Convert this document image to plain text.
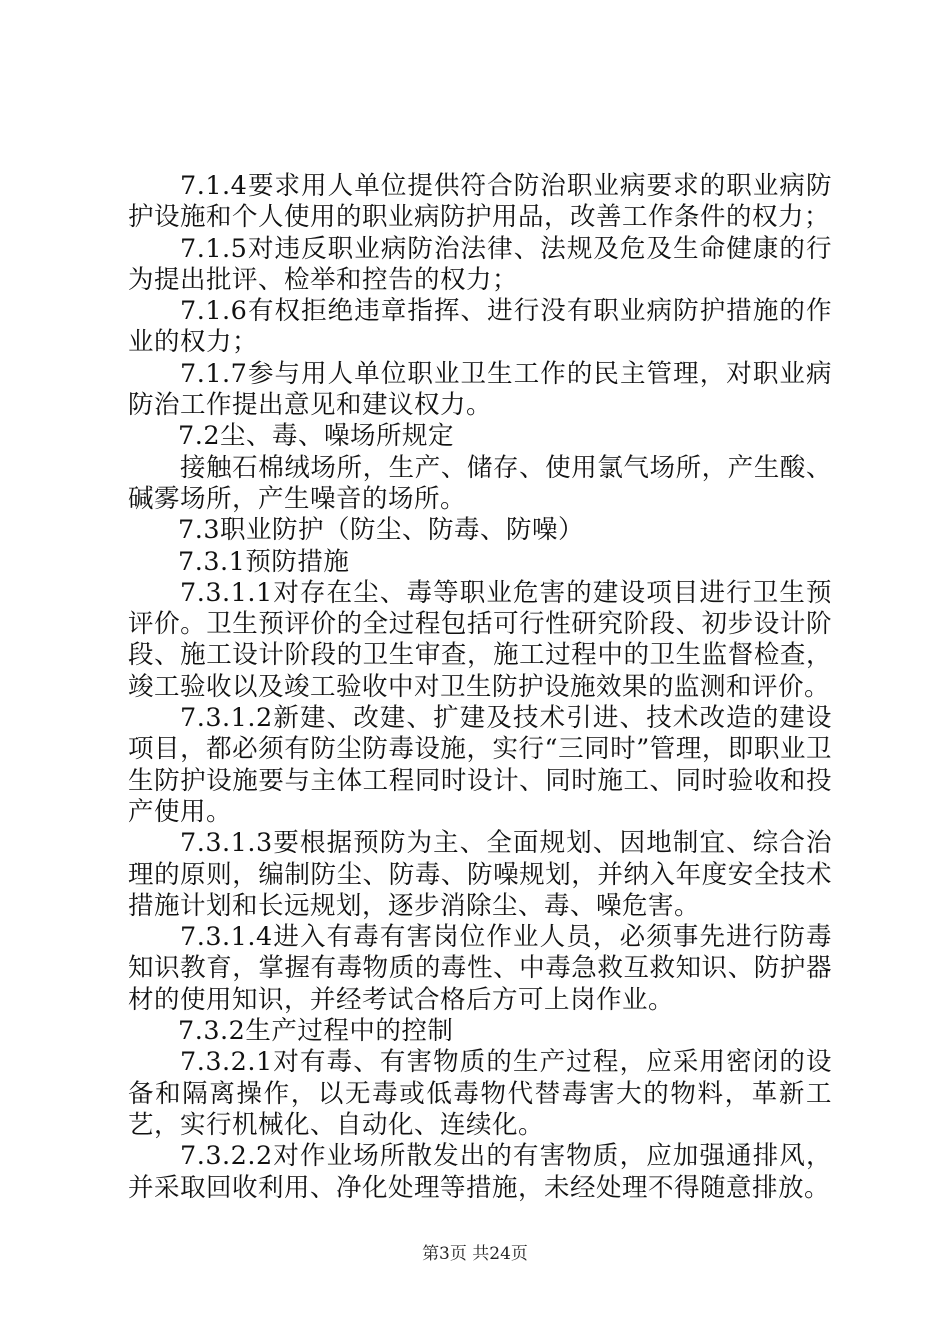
7.1.4要求用人单位提供符合防治职业病要求的职业病防护设施和个人使用的职业病防护用品，改善工作条件的权力；

7.1.5对违反职业病防治法律、法规及危及生命健康的行为提出批评、检举和控告的权力；

7.1.6有权拒绝违章指挥、进行没有职业病防护措施的作业的权力；

7.1.7参与用人单位职业卫生工作的民主管理，对职业病防治工作提出意见和建议权力。

7.2尘、毒、噪场所规定

接触石棉绒场所，生产、储存、使用氯气场所，产生酸、碱雾场所，产生噪音的场所。

7.3职业防护（防尘、防毒、防噪）

7.3.1预防措施

7.3.1.1对存在尘、毒等职业危害的建设项目进行卫生预评价。卫生预评价的全过程包括可行性研究阶段、初步设计阶段、施工设计阶段的卫生审查，施工过程中的卫生监督检查，竣工验收以及竣工验收中对卫生防护设施效果的监测和评价。

7.3.1.2新建、改建、扩建及技术引进、技术改造的建设项目，都必须有防尘防毒设施，实行“三同时”管理，即职业卫生防护设施要与主体工程同时设计、同时施工、同时验收和投产使用。

7.3.1.3要根据预防为主、全面规划、因地制宜、综合治理的原则，编制防尘、防毒、防噪规划，并纳入年度安全技术措施计划和长远规划，逐步消除尘、毒、噪危害。

7.3.1.4进入有毒有害岗位作业人员，必须事先进行防毒知识教育，掌握有毒物质的毒性、中毒急救互救知识、防护器材的使用知识，并经考试合格后方可上岗作业。

7.3.2生产过程中的控制

7.3.2.1对有毒、有害物质的生产过程，应采用密闭的设备和隔离操作，以无毒或低毒物代替毒害大的物料，革新工艺，实行机械化、自动化、连续化。

7.3.2.2对作业场所散发出的有害物质，应加强通排风，并采取回收利用、净化处理等措施，未经处理不得随意排放。

第3页 共24页
